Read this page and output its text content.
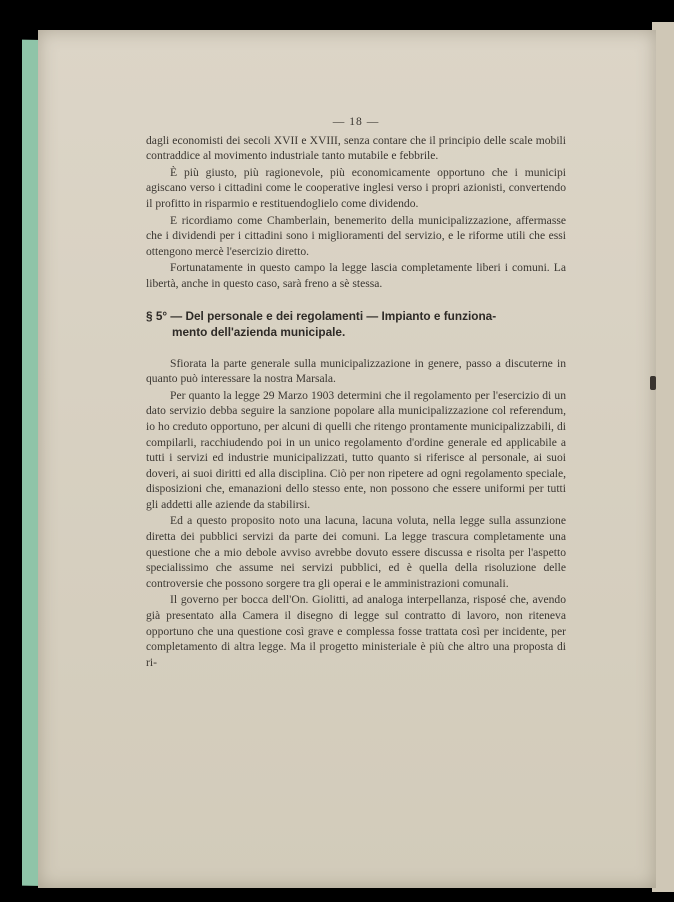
— 18 —

dagli economisti dei secoli XVII e XVIII, senza contare che il principio delle scale mobili contraddice al movimento industriale tanto mutabile e febbrile.

È più giusto, più ragionevole, più economicamente opportuno che i municipi agiscano verso i cittadini come le cooperative inglesi verso i propri azionisti, convertendo il profitto in risparmio e restituendoglielo come dividendo.

E ricordiamo come Chamberlain, benemerito della municipalizzazione, affermasse che i dividendi per i cittadini sono i miglioramenti del servizio, e le riforme utili che essi ottengono mercè l'esercizio diretto.

Fortunatamente in questo campo la legge lascia completamente liberi i comuni. La libertà, anche in questo caso, sarà freno a sè stessa.

§ 5° — Del personale e dei regolamenti — Impianto e funziona-
mento dell'azienda municipale.

Sfiorata la parte generale sulla municipalizzazione in genere, passo a discuterne in quanto può interessare la nostra Marsala.

Per quanto la legge 29 Marzo 1903 determini che il regolamento per l'esercizio di un dato servizio debba seguire la sanzione popolare alla municipalizzazione col referendum, io ho creduto opportuno, per alcuni di quelli che ritengo prontamente municipalizzabili, di compilarli, racchiudendo poi in un unico regolamento d'ordine generale ed applicabile a tutti i servizi ed industrie municipalizzati, tutto quanto si riferisce al personale, ai suoi doveri, ai suoi diritti ed alla disciplina. Ciò per non ripetere ad ogni regolamento speciale, disposizioni che, emanazioni dello stesso ente, non possono che essere uniformi per tutti gli addetti alle aziende da stabilirsi.

Ed a questo proposito noto una lacuna, lacuna voluta, nella legge sulla assunzione diretta dei pubblici servizi da parte dei comuni. La legge trascura completamente una questione che a mio debole avviso avrebbe dovuto essere discussa e risolta per l'aspetto specialissimo che assume nei servizi pubblici, ed è quella della risoluzione delle controversie che possono sorgere tra gli operai e le amministrazioni comunali.

Il governo per bocca dell'On. Giolitti, ad analoga interpellanza, risposé che, avendo già presentato alla Camera il disegno di legge sul contratto di lavoro, non riteneva opportuno che una questione così grave e complessa fosse trattata così per incidente, per completamento di altra legge. Ma il progetto ministeriale è più che altro una proposta di ri-
